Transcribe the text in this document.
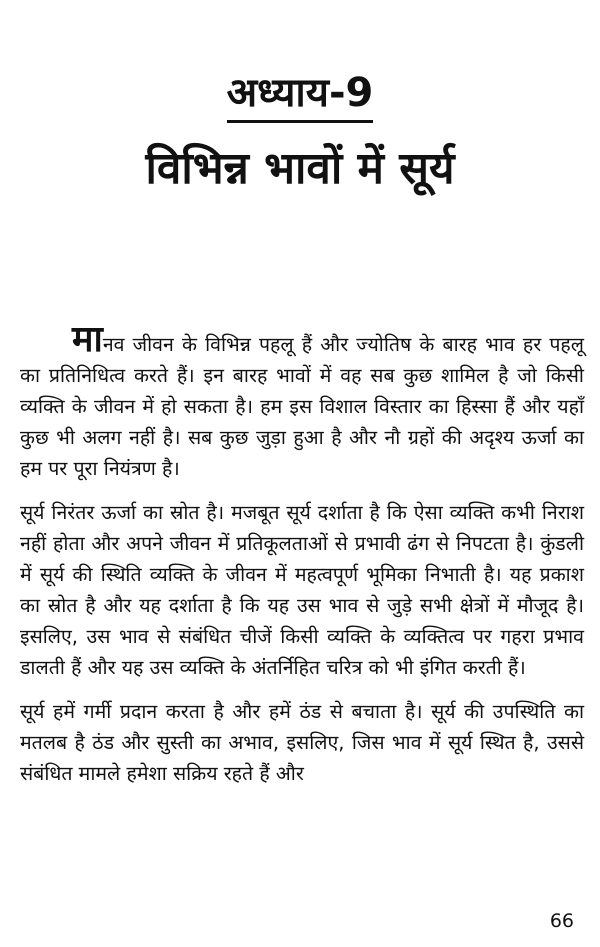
अध्याय-9
विभिन्न भावों में सूर्य

मानव जीवन के विभिन्न पहलू हैं और ज्योतिष के बारह भाव हर पहलू का प्रतिनिधित्व करते हैं। इन बारह भावों में वह सब कुछ शामिल है जो किसी व्यक्ति के जीवन में हो सकता है। हम इस विशाल विस्तार का हिस्सा हैं और यहाँ कुछ भी अलग नहीं है। सब कुछ जुड़ा हुआ है और नौ ग्रहों की अदृश्य ऊर्जा का हम पर पूरा नियंत्रण है।

सूर्य निरंतर ऊर्जा का स्रोत है। मजबूत सूर्य दर्शाता है कि ऐसा व्यक्ति कभी निराश नहीं होता और अपने जीवन में प्रतिकूलताओं से प्रभावी ढंग से निपटता है। कुंडली में सूर्य की स्थिति व्यक्ति के जीवन में महत्वपूर्ण भूमिका निभाती है। यह प्रकाश का स्रोत है और यह दर्शाता है कि यह उस भाव से जुड़े सभी क्षेत्रों में मौजूद है। इसलिए, उस भाव से संबंधित चीजें किसी व्यक्ति के व्यक्तित्व पर गहरा प्रभाव डालती हैं और यह उस व्यक्ति के अंतर्निहित चरित्र को भी इंगित करती हैं।

सूर्य हमें गर्मी प्रदान करता है और हमें ठंड से बचाता है। सूर्य की उपस्थिति का मतलब है ठंड और सुस्ती का अभाव, इसलिए, जिस भाव में सूर्य स्थित है, उससे संबंधित मामले हमेशा सक्रिय रहते हैं और

66
